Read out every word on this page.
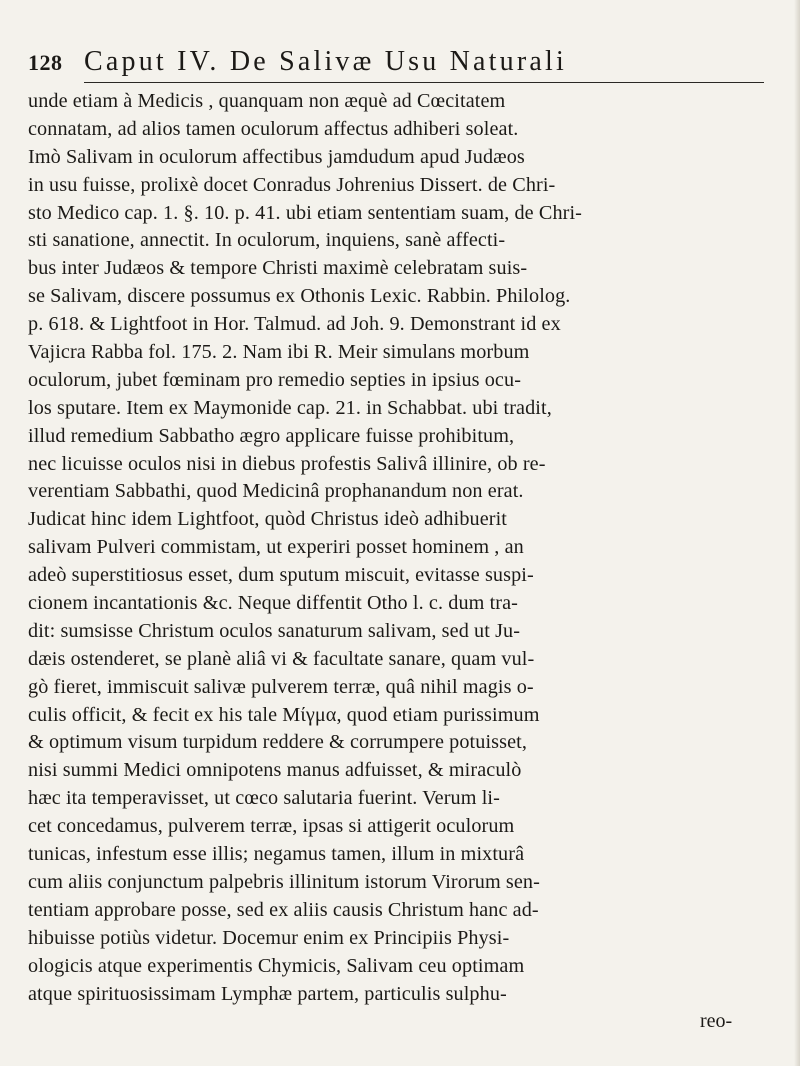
128 Caput IV. De Salivæ Usu Naturali
unde etiam à Medicis , quanquam non æquè ad Cœcitatem
connatam, ad alios tamen oculorum affectus adhiberi soleat.
Imò Salivam in oculorum affectibus jamdudum apud Judæos
in usu fuisse, prolixè docet Conradus Johrenius Dissert. de Chri-
sto Medico cap. 1. §. 10. p. 41. ubi etiam sententiam suam, de Chri-
sti sanatione, annectit. In oculorum, inquiens, sanè affecti-
bus inter Judæos & tempore Christi maximè celebratam suis-
se Salivam, discere possumus ex Othonis Lexic. Rabbin. Philolog.
p. 618. & Lightfoot in Hor. Talmud. ad Joh. 9. Demonstrant id ex
Vajicra Rabba fol. 175. 2. Nam ibi R. Meir simulans morbum
oculorum, jubet fœminam pro remedio septies in ipsius ocu-
los sputare. Item ex Maymonide cap. 21. in Schabbat. ubi tradit,
illud remedium Sabbatho ægro applicare fuisse prohibitum,
nec licuisse oculos nisi in diebus profestis Salivâ illinire, ob re-
verentiam Sabbathi, quod Medicinâ prophanandum non erat.
Judicat hinc idem Lightfoot, quòd Christus ideò adhibuerit
salivam Pulveri commistam, ut experiri posset hominem , an
adeò superstitiosus esset, dum sputum miscuit, evitasse suspi-
cionem incantationis &c. Neque diffentit Otho l. c. dum tra-
dit: sumsisse Christum oculos sanaturum salivam, sed ut Ju-
dæis ostenderet, se planè aliâ vi & facultate sanare, quam vul-
gò fieret, immiscuit salivæ pulverem terræ, quâ nihil magis o-
culis officit, & fecit ex his tale Μίγμα, quod etiam purissimum
& optimum visum turpidum reddere & corrumpere potuisset,
nisi summi Medici omnipotens manus adfuisset, & miraculò
hæc ita temperavisset, ut cœco salutaria fuerint. Verum li-
cet concedamus, pulverem terræ, ipsas si attigerit oculorum
tunicas, infestum esse illis; negamus tamen, illum in mixturâ
cum aliis conjunctum palpebris illinitum istorum Virorum sen-
tentiam approbare posse, sed ex aliis causis Christum hanc ad-
hibuisse potiùs videtur. Docemur enim ex Principiis Physi-
ologicis atque experimentis Chymicis, Salivam ceu optimam
atque spirituosissimam Lymphæ partem, particulis sulphu-
reo-
